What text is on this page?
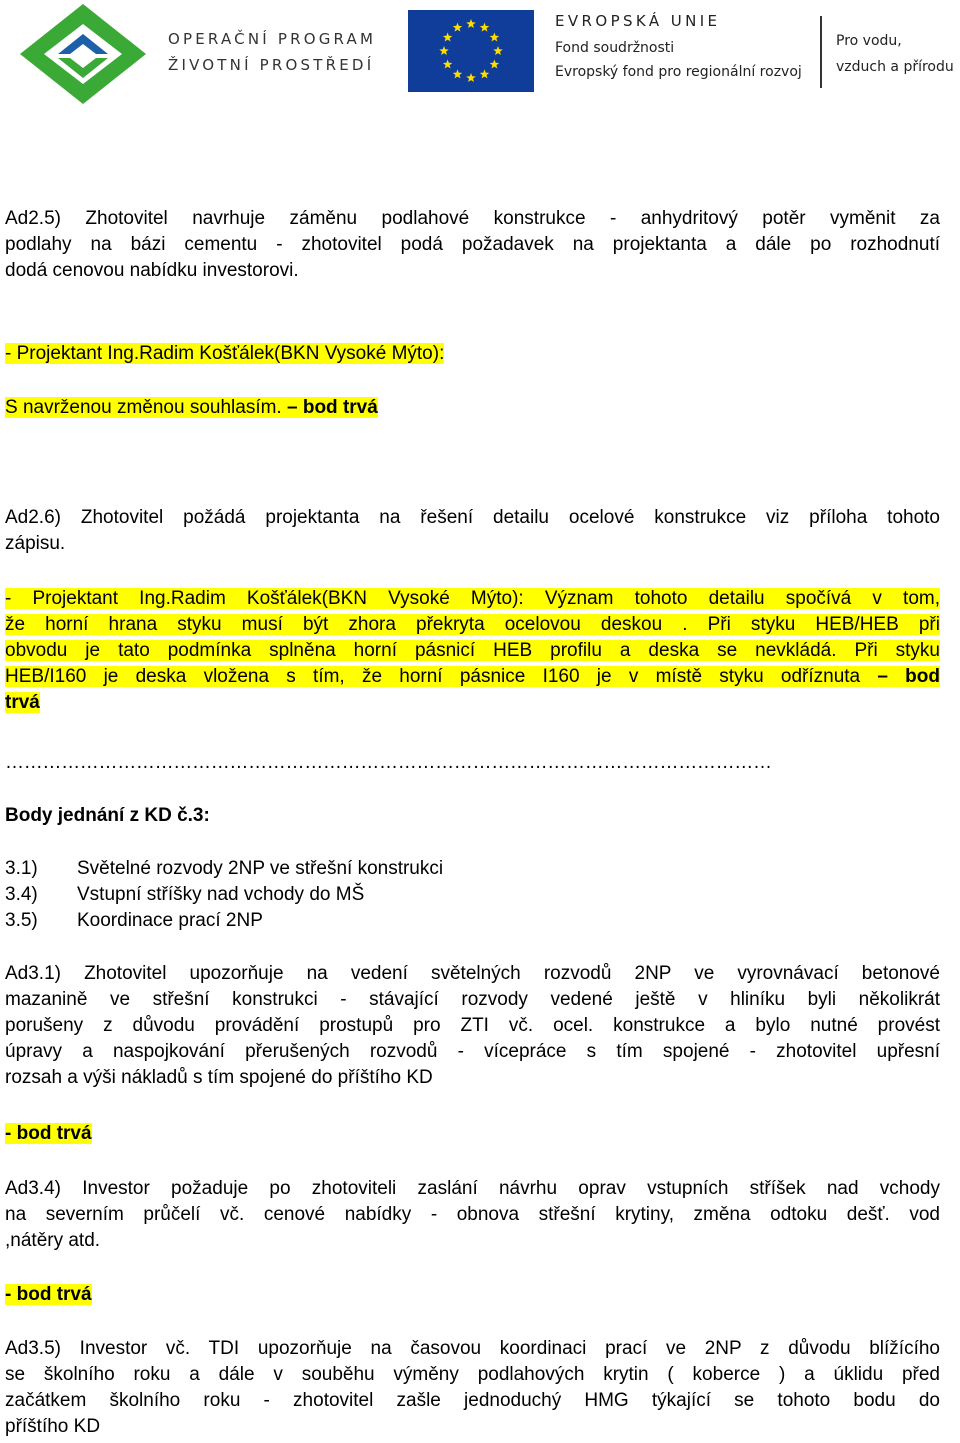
OPERAČNÍ PROGRAM
ŽIVOTNÍ PROSTŘEDÍ
EVROPSKÁ UNIE
Fond soudržnosti
Evropský fond pro regionální rozvoj
Pro vodu,
vzduch a přírodu
Ad2.5) Zhotovitel navrhuje záměnu podlahové konstrukce - anhydritový potěr vyměnit za
podlahy na bázi cementu - zhotovitel podá požadavek na projektanta a dále po rozhodnutí
dodá cenovou nabídku investorovi.
- Projektant Ing.Radim Košťálek(BKN Vysoké Mýto):
S navrženou změnou souhlasím. – bod trvá
Ad2.6) Zhotovitel požádá projektanta na řešení detailu ocelové konstrukce viz příloha tohoto
zápisu.
- Projektant Ing.Radim Košťálek(BKN Vysoké Mýto): Význam tohoto detailu spočívá v tom,
že horní hrana styku musí být zhora překryta ocelovou deskou . Při styku HEB/HEB při
obvodu je tato podmínka splněna horní pásnicí HEB profilu a deska se nevkládá. Při styku
HEB/I160 je deska vložena s tím, že horní pásnice I160 je v místě styku odříznuta – bod
trvá
……………………………………………………………………………………………………………
Body jednání z KD č.3:
3.1) Světelné rozvody 2NP ve střešní konstrukci
3.4) Vstupní stříšky nad vchody do MŠ
3.5) Koordinace prací 2NP
Ad3.1) Zhotovitel upozorňuje na vedení světelných rozvodů 2NP ve vyrovnávací betonové
mazanině ve střešní konstrukci - stávající rozvody vedené ještě v hliníku byli několikrát
porušeny z důvodu provádění prostupů pro ZTI vč. ocel. konstrukce a bylo nutné provést
úpravy a naspojkování přerušených rozvodů - vícepráce s tím spojené - zhotovitel upřesní
rozsah a výši nákladů s tím spojené do příštího KD
- bod trvá
Ad3.4) Investor požaduje po zhotoviteli zaslání návrhu oprav vstupních stříšek nad vchody
na severním průčelí vč. cenové nabídky - obnova střešní krytiny, změna odtoku dešť. vod
,nátěry atd.
- bod trvá
Ad3.5) Investor vč. TDI upozorňuje na časovou koordinaci prací ve 2NP z důvodu blížícího
se školního roku a dále v souběhu výměny podlahových krytin ( koberce ) a úklidu před
začátkem školního roku - zhotovitel zašle jednoduchý HMG týkající se tohoto bodu do
příštího KD
